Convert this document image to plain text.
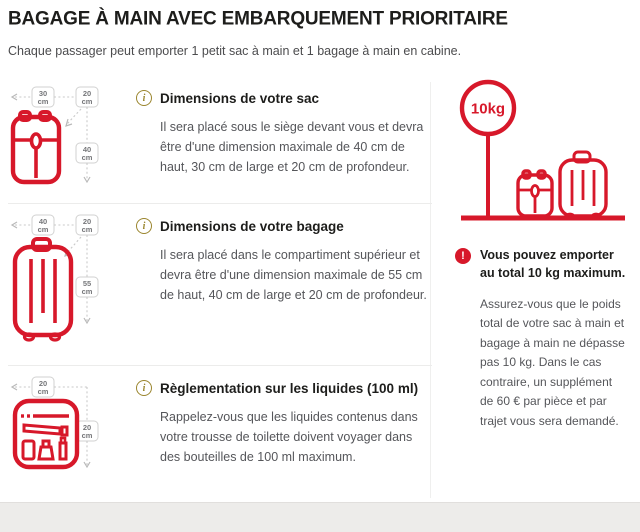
BAGAGE À MAIN AVEC EMBARQUEMENT PRIORITAIRE

Chaque passager peut emporter 1 petit sac à main et 1 bagage à main en cabine.

30
cm
20
cm
40
cm
i	Dimensions de votre sac

Il sera placé sous le siège devant vous et devra être d'une dimension maximale de 40 cm de haut, 30 cm de large et 20 cm de profondeur.

40
cm
20
cm
55
cm
i	Dimensions de votre bagage

Il sera placé dans le compartiment supérieur et devra être d'une dimension maximale de 55 cm de haut, 40 cm de large et 20 cm de profondeur.

20
cm
20
cm
i	Règlementation sur les liquides (100 ml)

Rappelez-vous que les liquides contenus dans votre trousse de toilette doivent voyager dans des bouteilles de 100 ml maximum.

10kg
!	Vous pouvez emporter au total 10 kg maximum.

Assurez-vous que le poids total de votre sac à main et bagage à main ne dépasse pas 10 kg. Dans le cas contraire, un supplément de 60 € par pièce et par trajet vous sera demandé.
